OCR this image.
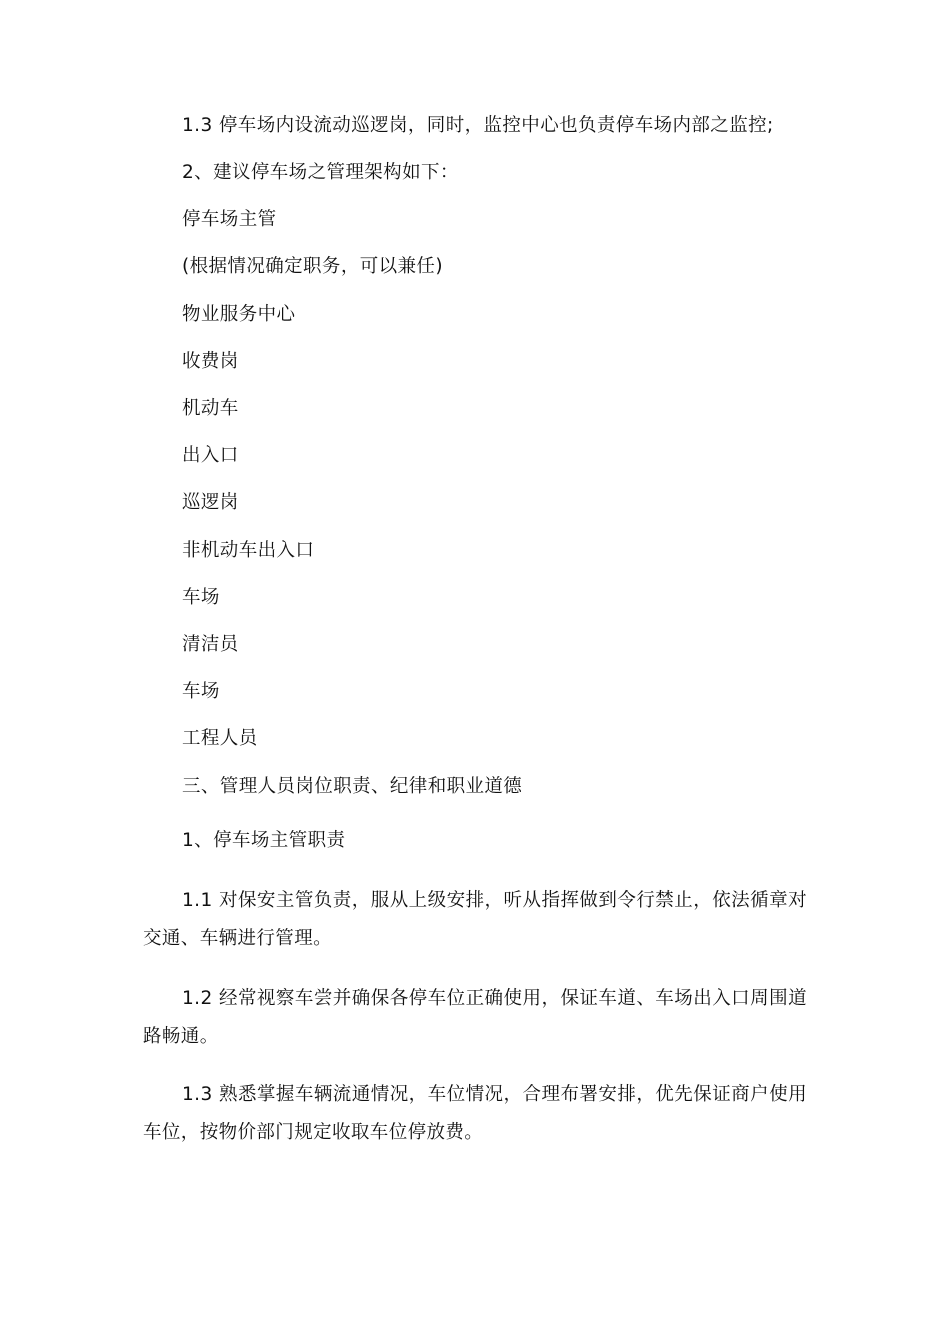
1.3 停车场内设流动巡逻岗，同时，监控中心也负责停车场内部之监控;
2、建议停车场之管理架构如下：
停车场主管
(根据情况确定职务，可以兼任)
物业服务中心
收费岗
机动车
出入口
巡逻岗
非机动车出入口
车场
清洁员
车场
工程人员
三、管理人员岗位职责、纪律和职业道德
1、停车场主管职责
1.1 对保安主管负责，服从上级安排，听从指挥做到令行禁止，依法循章对交通、车辆进行管理。
1.2 经常视察车尝并确保各停车位正确使用，保证车道、车场出入口周围道路畅通。
1.3 熟悉掌握车辆流通情况，车位情况，合理布署安排，优先保证商户使用车位，按物价部门规定收取车位停放费。
